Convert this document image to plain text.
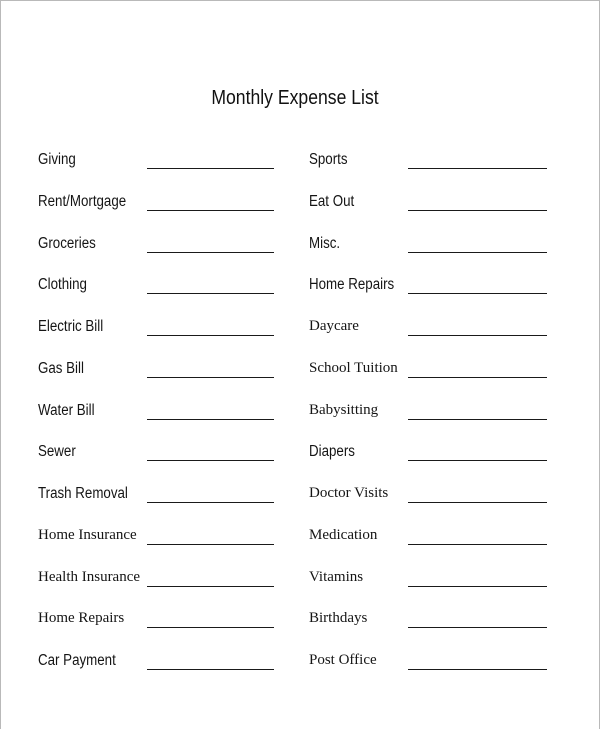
Monthly Expense List
Giving
Rent/Mortgage
Groceries
Clothing
Electric Bill
Gas Bill
Water Bill
Sewer
Trash Removal
Home Insurance
Health Insurance
Home Repairs
Car Payment
Sports
Eat Out
Misc.
Home Repairs
Daycare
School Tuition
Babysitting
Diapers
Doctor Visits
Medication
Vitamins
Birthdays
Post Office
